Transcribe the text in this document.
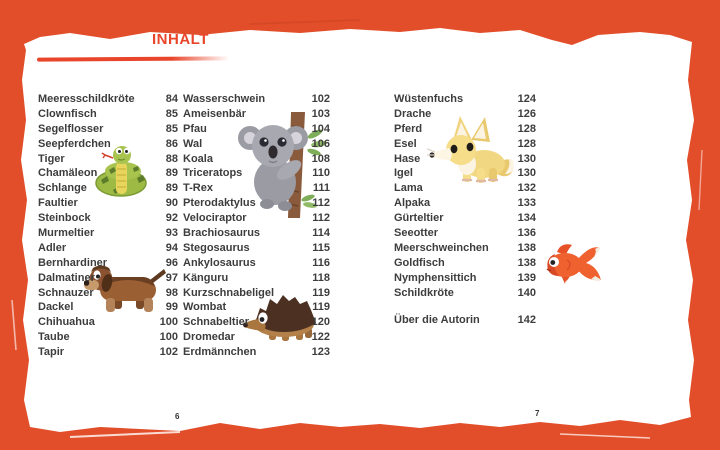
INHALT
Meeresschildkröte	84
Clownfisch	85
Segelflosser	85
Seepferdchen	86
Tiger	88
Chamäleon	89
Schlange	89
Faultier	90
Steinbock	92
Murmeltier	93
Adler	94
Bernhardiner	96
Dalmatiner	97
Schnauzer	98
Dackel	99
Chihuahua	100
Taube	100
Tapir	102
Wasserschwein	102
Ameisenbär	103
Pfau	104
Wal	106
Koala	108
Triceratops	110
T-Rex	111
Pterodaktylus	112
Velociraptor	112
Brachiosaurus	114
Stegosaurus	115
Ankylosaurus	116
Känguru	118
Kurzschnabeligel	119
Wombat	119
Schnabeltier	120
Dromedar	122
Erdmännchen	123
Wüstenfuchs	124
Drache	126
Pferd	128
Esel	128
Hase	130
Igel	130
Lama	132
Alpaka	133
Gürteltier	134
Seeotter	136
Meerschweinchen	138
Goldfisch	138
Nymphensittich	139
Schildkröte	140
Über die Autorin	142
6	7
